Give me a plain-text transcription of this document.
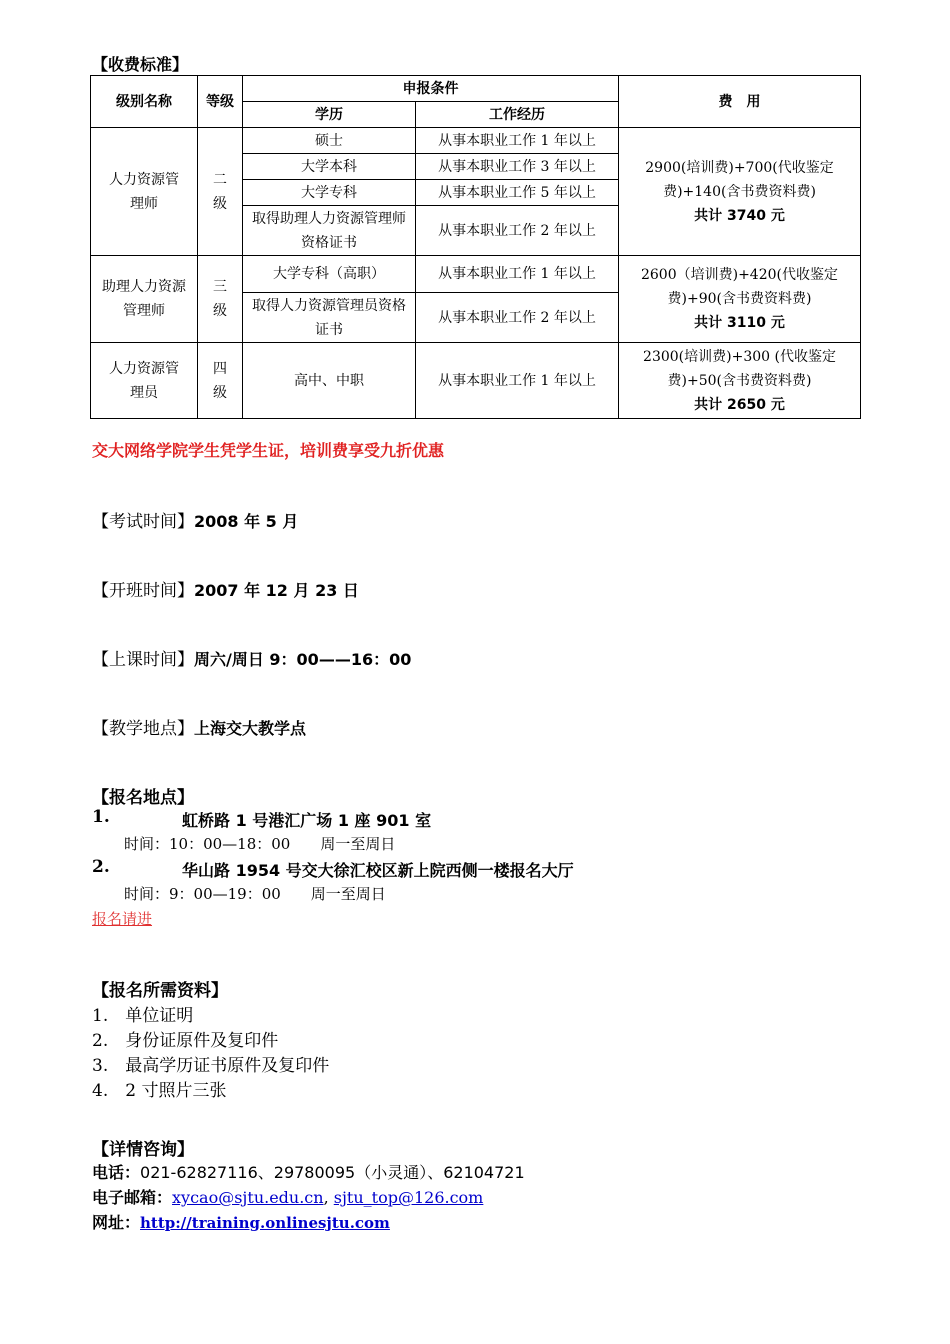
【收费标准】
级别名称	等级	申报条件		费　用
		学历	工作经历	
人力资源管理师	二级	硕士	从事本职业工作 1 年以上	2900(培训费)+700(代收鉴定费)+140(含书费资料费)
共计 3740 元
		大学本科	从事本职业工作 3 年以上	
		大学专科	从事本职业工作 5 年以上	
		取得助理人力资源管理师资格证书	从事本职业工作 2 年以上	
助理人力资源管理师	三级	大学专科（高职）	从事本职业工作 1 年以上	2600（培训费)+420(代收鉴定费)+90(含书费资料费)
共计 3110 元
		取得人力资源管理员资格证书	从事本职业工作 2 年以上	
人力资源管理员	四级	高中、中职	从事本职业工作 1 年以上	2300(培训费)+300 (代收鉴定费)+50(含书费资料费)
共计 2650 元
交大网络学院学生凭学生证，培训费享受九折优惠
【考试时间】2008 年 5 月
【开班时间】2007 年 12 月 23 日
【上课时间】周六/周日 9：00——16：00
【教学地点】上海交大教学点
【报名地点】
1.	虹桥路 1 号港汇广场 1 座 901 室
时间：10：00—18：00　　周一至周日
2.	华山路 1954 号交大徐汇校区新上院西侧一楼报名大厅
时间：9：00—19：00　　周一至周日
报名请进
【报名所需资料】
1.　单位证明
2.　身份证原件及复印件
3.　最高学历证书原件及复印件
4.　2 寸照片三张
【详情咨询】
电话：021-62827116、29780095（小灵通）、62104721
电子邮箱：xycao@sjtu.edu.cn, sjtu_top@126.com
网址：http://training.onlinesjtu.com
